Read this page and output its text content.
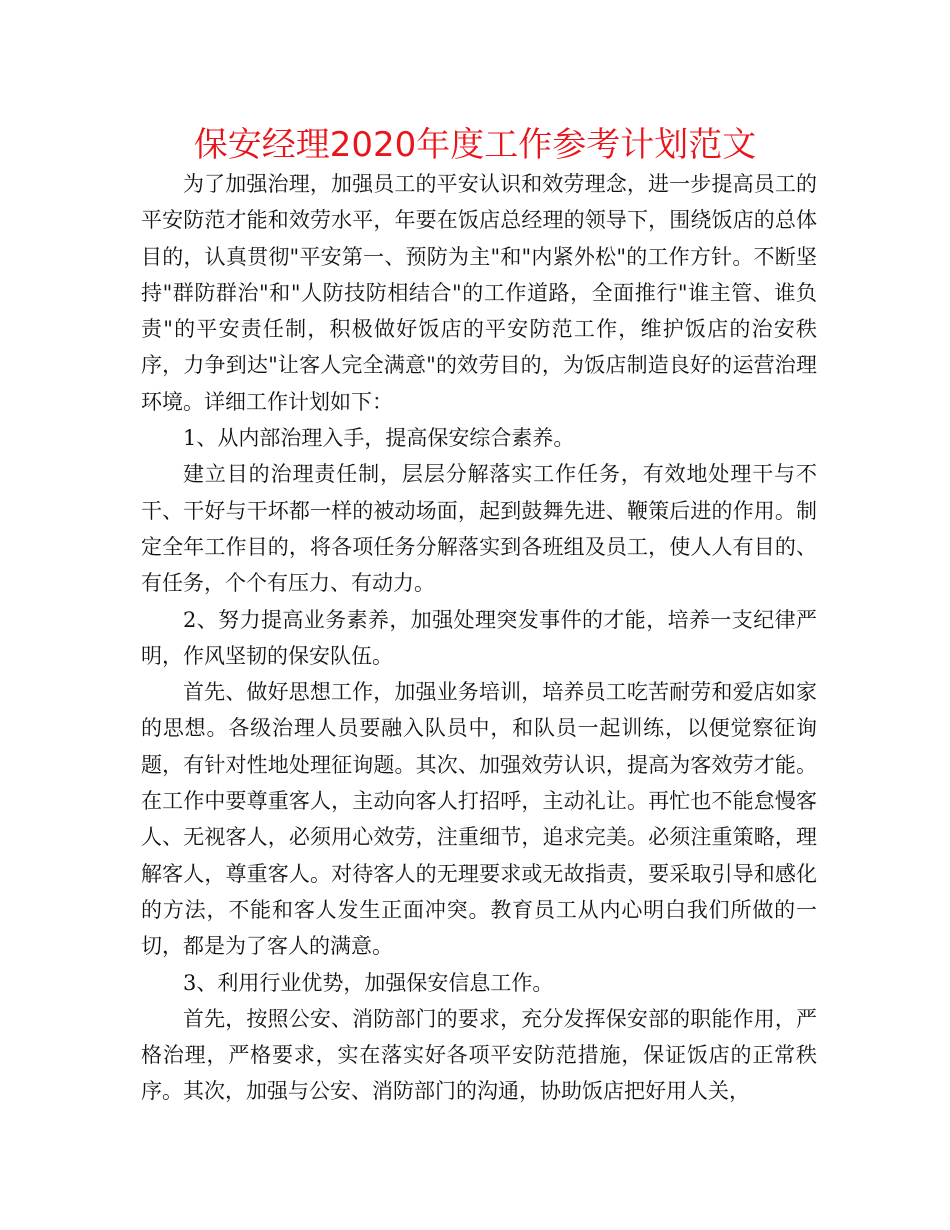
保安经理2020年度工作参考计划范文

为了加强治理，加强员工的平安认识和效劳理念，进一步提高员工的平安防范才能和效劳水平，年要在饭店总经理的领导下，围绕饭店的总体目的，认真贯彻"平安第一、预防为主"和"内紧外松"的工作方针。不断坚持"群防群治"和"人防技防相结合"的工作道路，全面推行"谁主管、谁负责"的平安责任制，积极做好饭店的平安防范工作，维护饭店的治安秩序，力争到达"让客人完全满意"的效劳目的，为饭店制造良好的运营治理环境。详细工作计划如下：

1、从内部治理入手，提高保安综合素养。

建立目的治理责任制，层层分解落实工作任务，有效地处理干与不干、干好与干坏都一样的被动场面，起到鼓舞先进、鞭策后进的作用。制定全年工作目的，将各项任务分解落实到各班组及员工，使人人有目的、有任务，个个有压力、有动力。

2、努力提高业务素养，加强处理突发事件的才能，培养一支纪律严明，作风坚韧的保安队伍。

首先、做好思想工作，加强业务培训，培养员工吃苦耐劳和爱店如家的思想。各级治理人员要融入队员中，和队员一起训练，以便觉察征询题，有针对性地处理征询题。其次、加强效劳认识，提高为客效劳才能。在工作中要尊重客人，主动向客人打招呼，主动礼让。再忙也不能怠慢客人、无视客人，必须用心效劳，注重细节，追求完美。必须注重策略，理解客人，尊重客人。对待客人的无理要求或无故指责，要采取引导和感化的方法，不能和客人发生正面冲突。教育员工从内心明白我们所做的一切，都是为了客人的满意。

3、利用行业优势，加强保安信息工作。

首先，按照公安、消防部门的要求，充分发挥保安部的职能作用，严格治理，严格要求，实在落实好各项平安防范措施，保证饭店的正常秩序。其次，加强与公安、消防部门的沟通，协助饭店把好用人关，
